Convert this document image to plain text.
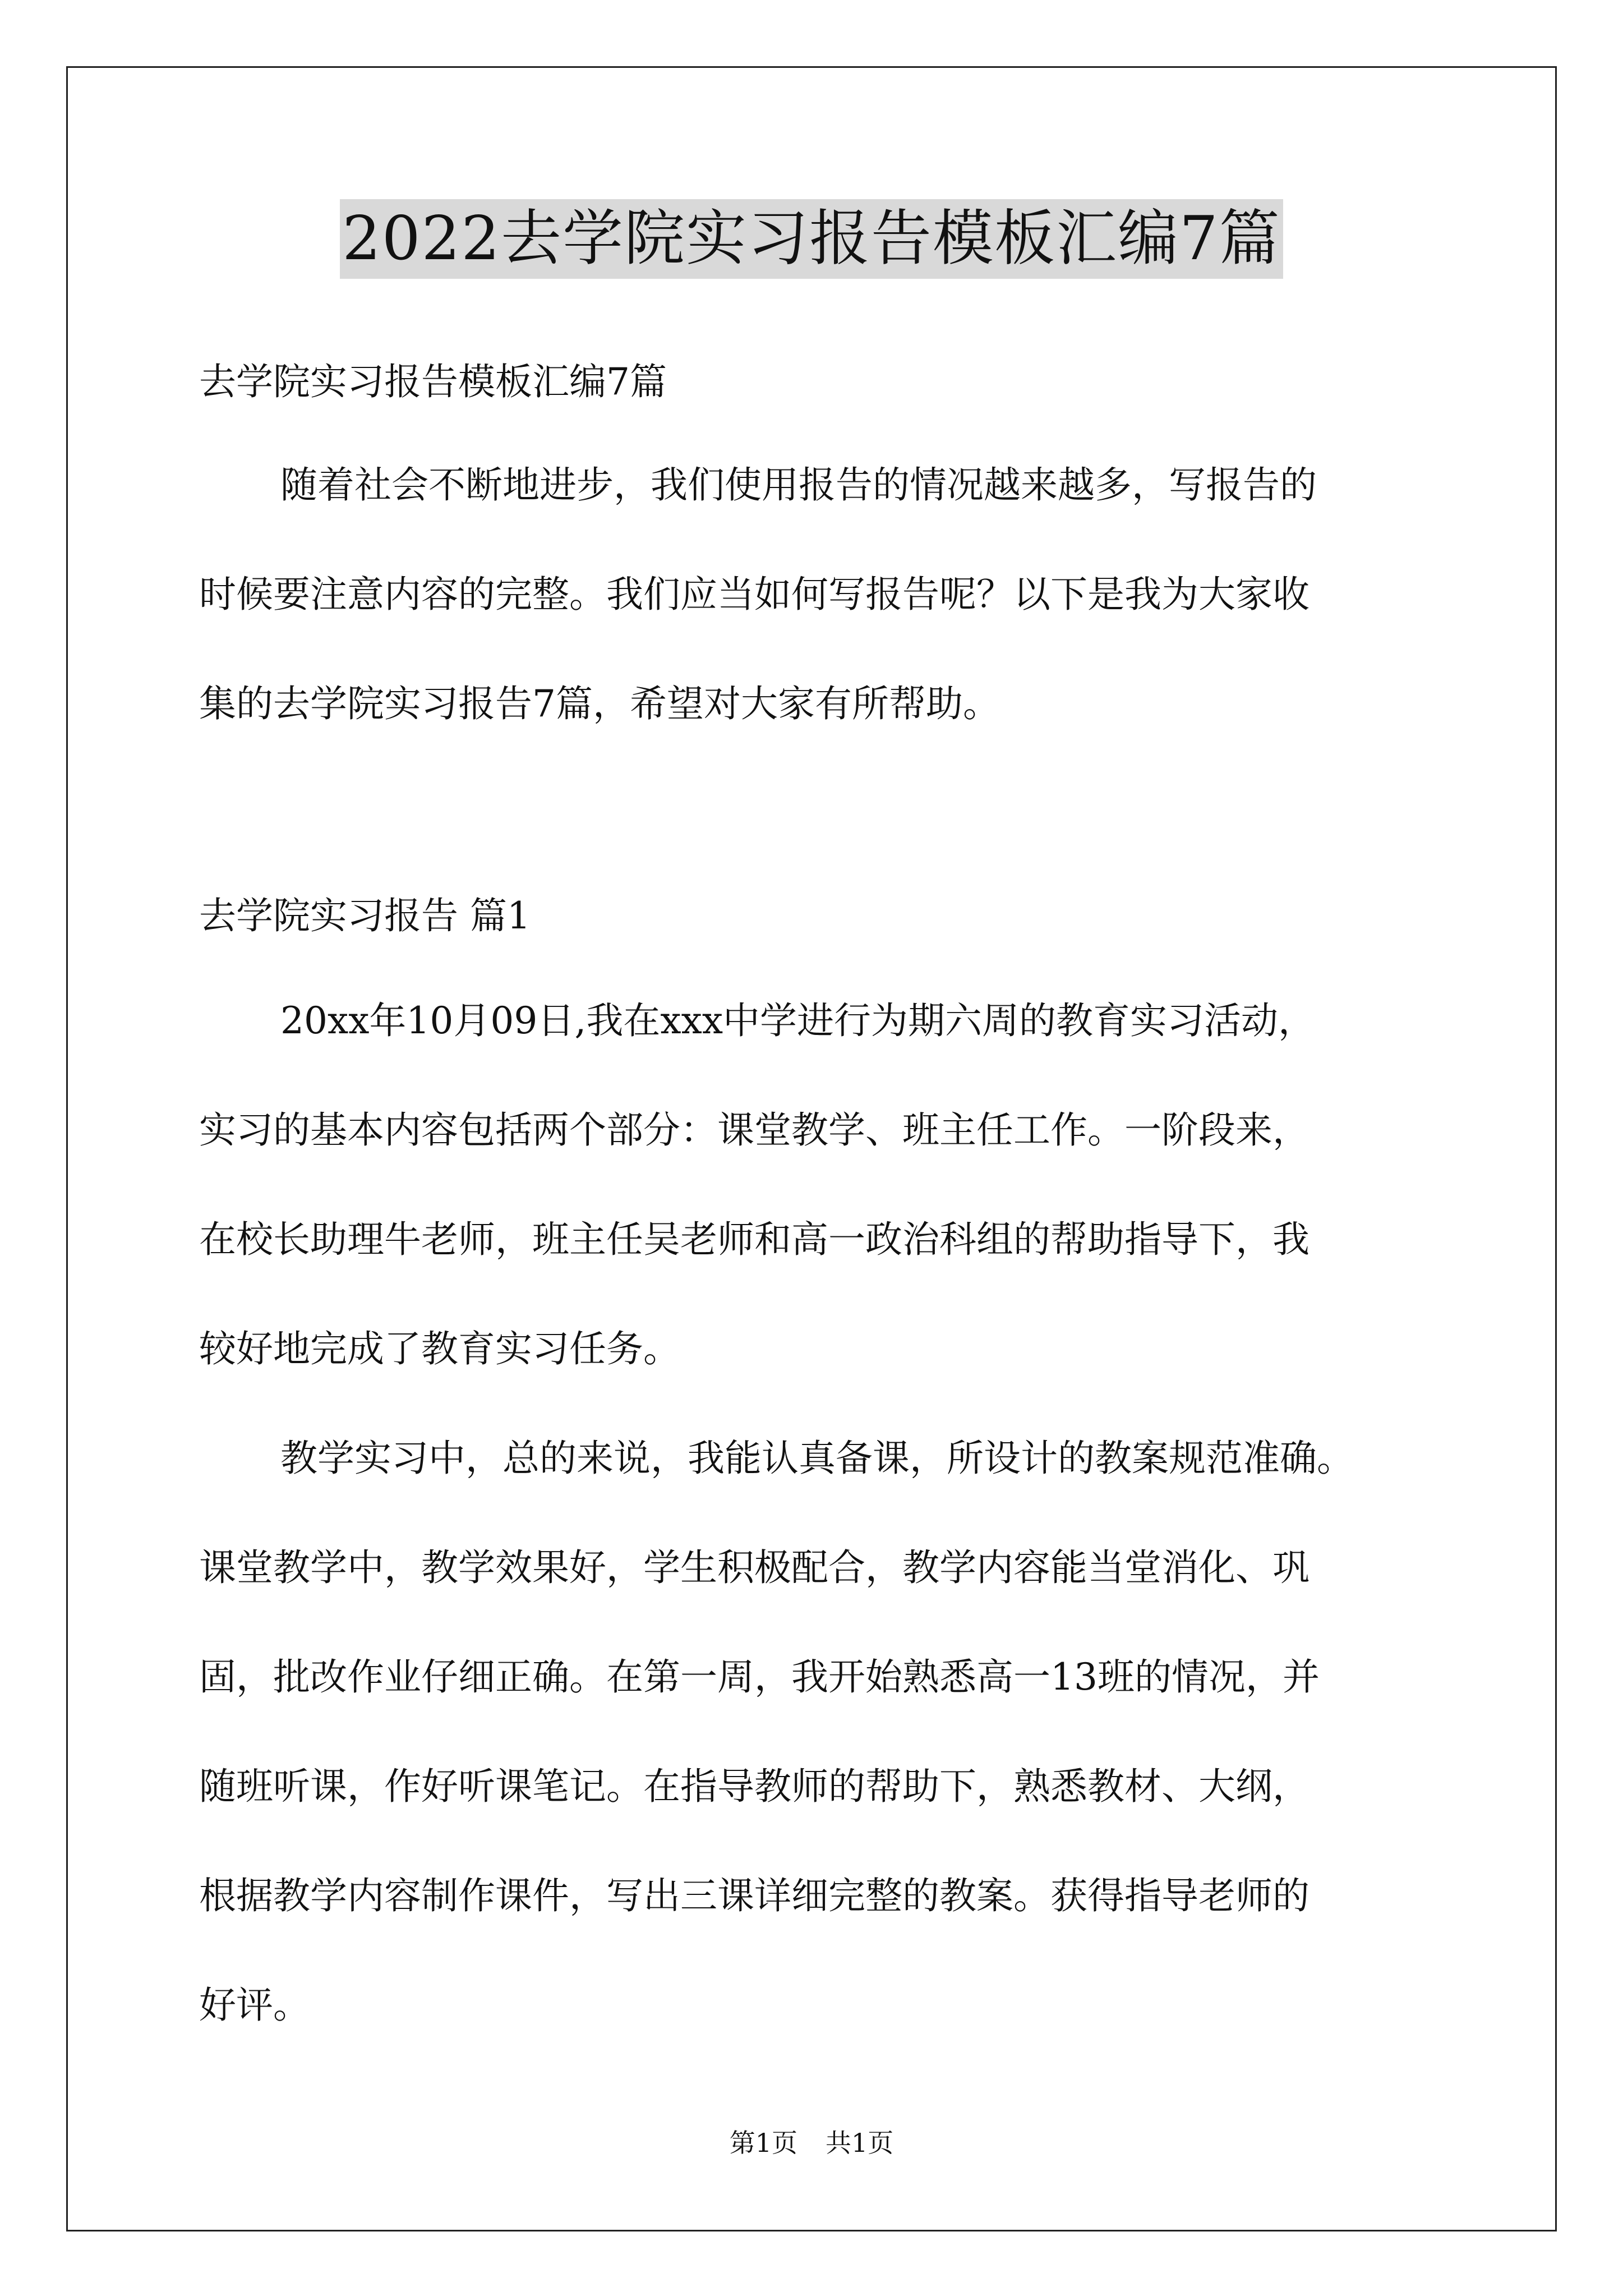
2022去学院实习报告模板汇编7篇
去学院实习报告模板汇编7篇
随着社会不断地进步，我们使用报告的情况越来越多，写报告的
时候要注意内容的完整。我们应当如何写报告呢？以下是我为大家收
集的去学院实习报告7篇，希望对大家有所帮助。
去学院实习报告 篇1
20xx年10月09日,我在xxx中学进行为期六周的教育实习活动，
实习的基本内容包括两个部分：课堂教学、班主任工作。一阶段来，
在校长助理牛老师，班主任吴老师和高一政治科组的帮助指导下，我
较好地完成了教育实习任务。
教学实习中，总的来说，我能认真备课，所设计的教案规范准确。
课堂教学中，教学效果好，学生积极配合，教学内容能当堂消化、巩
固，批改作业仔细正确。在第一周，我开始熟悉高一13班的情况，并
随班听课，作好听课笔记。在指导教师的帮助下，熟悉教材、大纲，
根据教学内容制作课件，写出三课详细完整的教案。获得指导老师的
好评。
第1页 共1页
